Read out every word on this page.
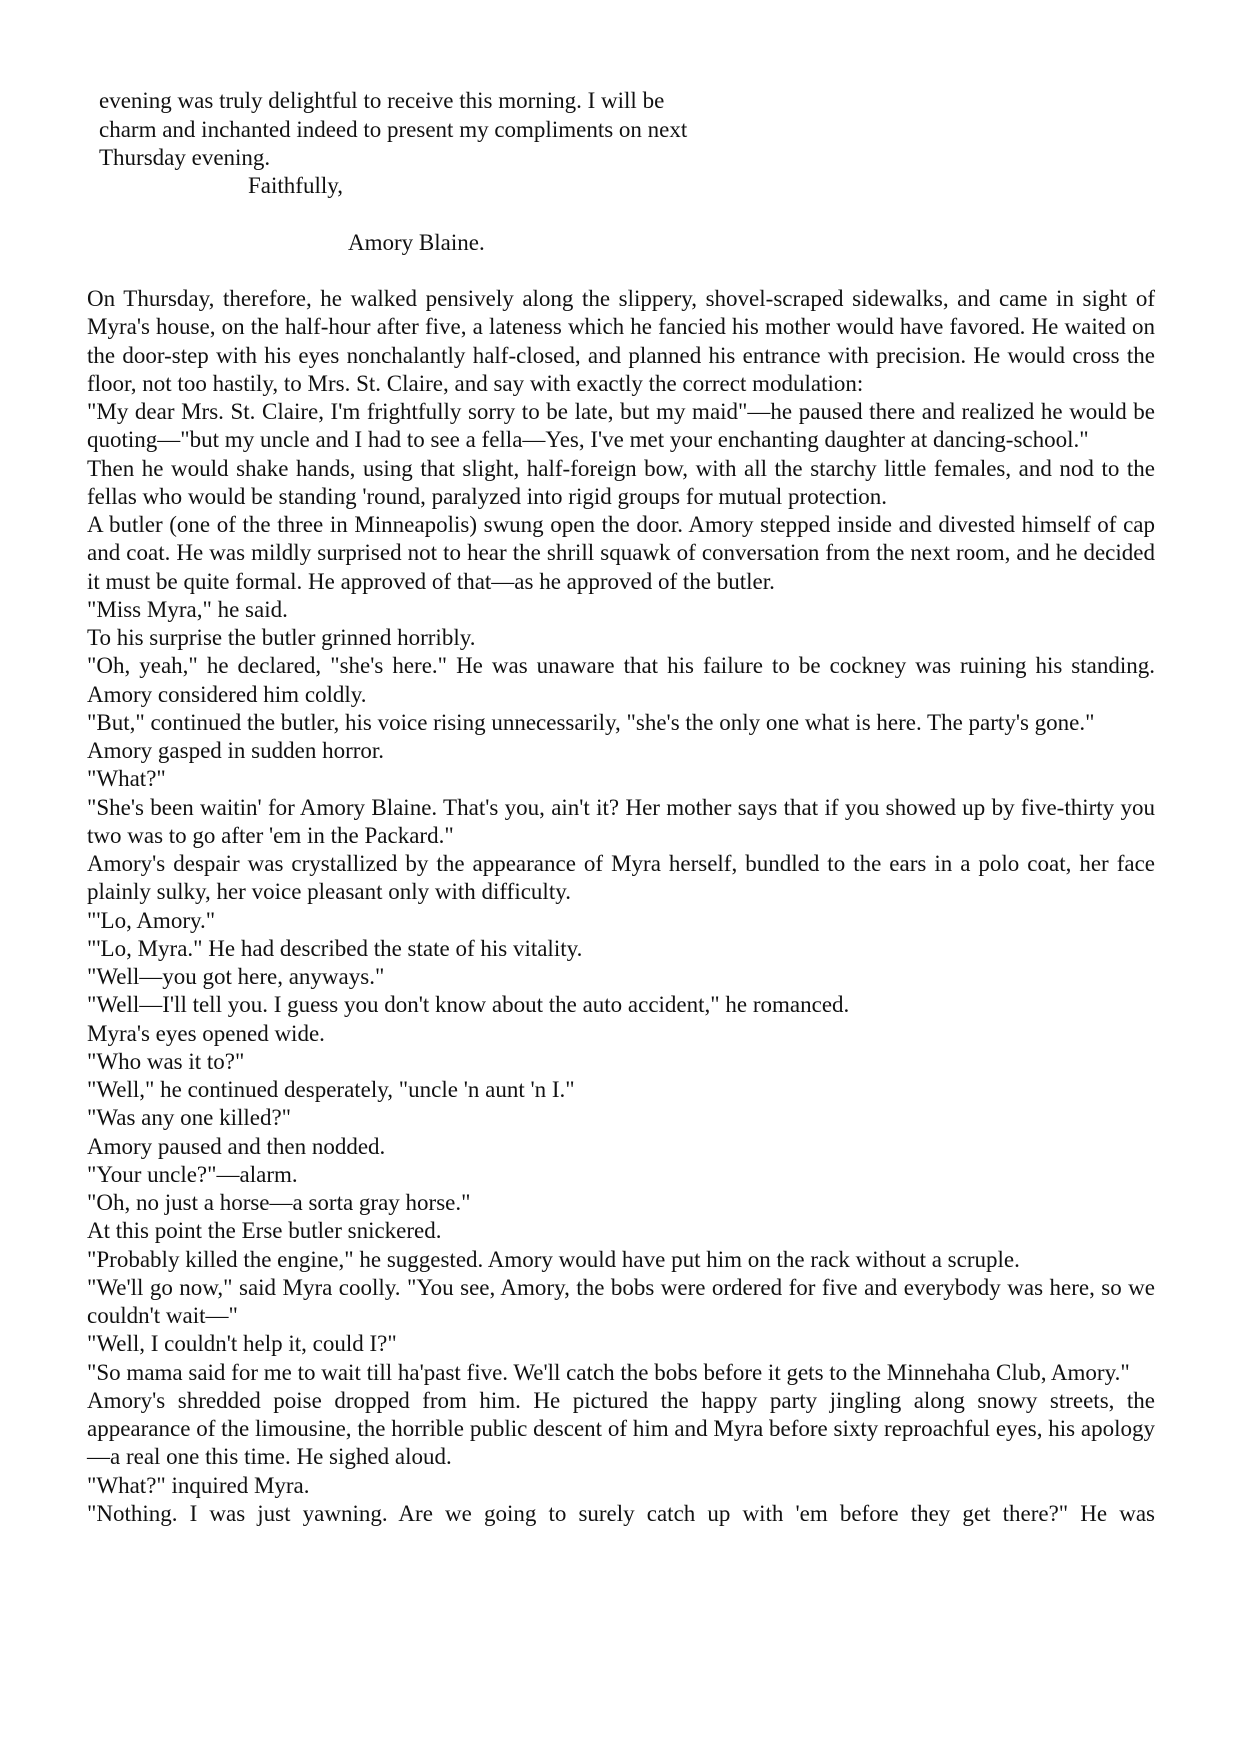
evening was truly delightful to receive this morning. I will be

charm and inchanted indeed to present my compliments on next

Thursday evening.

Faithfully,

Amory Blaine.

On Thursday, therefore, he walked pensively along the slippery, shovel-scraped sidewalks, and came in sight of Myra's house, on the half-hour after five, a lateness which he fancied his mother would have favored. He waited on the door-step with his eyes nonchalantly half-closed, and planned his entrance with precision. He would cross the floor, not too hastily, to Mrs. St. Claire, and say with exactly the correct modulation:

"My dear Mrs. St. Claire, I'm frightfully sorry to be late, but my maid"—he paused there and realized he would be quoting—"but my uncle and I had to see a fella—Yes, I've met your enchanting daughter at dancing-school."

Then he would shake hands, using that slight, half-foreign bow, with all the starchy little females, and nod to the fellas who would be standing 'round, paralyzed into rigid groups for mutual protection.

A butler (one of the three in Minneapolis) swung open the door. Amory stepped inside and divested himself of cap and coat. He was mildly surprised not to hear the shrill squawk of conversation from the next room, and he decided it must be quite formal. He approved of that—as he approved of the butler.

"Miss Myra," he said.

To his surprise the butler grinned horribly.

"Oh, yeah," he declared, "she's here." He was unaware that his failure to be cockney was ruining his standing. Amory considered him coldly.

"But," continued the butler, his voice rising unnecessarily, "she's the only one what is here. The party's gone."

Amory gasped in sudden horror.

"What?"

"She's been waitin' for Amory Blaine. That's you, ain't it? Her mother says that if you showed up by five-thirty you two was to go after 'em in the Packard."

Amory's despair was crystallized by the appearance of Myra herself, bundled to the ears in a polo coat, her face plainly sulky, her voice pleasant only with difficulty.

"'Lo, Amory."

"'Lo, Myra." He had described the state of his vitality.

"Well—you got here, anyways."

"Well—I'll tell you. I guess you don't know about the auto accident," he romanced.

Myra's eyes opened wide.

"Who was it to?"

"Well," he continued desperately, "uncle 'n aunt 'n I."

"Was any one killed?"

Amory paused and then nodded.

"Your uncle?"—alarm.

"Oh, no just a horse—a sorta gray horse."

At this point the Erse butler snickered.

"Probably killed the engine," he suggested. Amory would have put him on the rack without a scruple.

"We'll go now," said Myra coolly. "You see, Amory, the bobs were ordered for five and everybody was here, so we couldn't wait—"

"Well, I couldn't help it, could I?"

"So mama said for me to wait till ha'past five. We'll catch the bobs before it gets to the Minnehaha Club, Amory."

Amory's shredded poise dropped from him. He pictured the happy party jingling along snowy streets, the appearance of the limousine, the horrible public descent of him and Myra before sixty reproachful eyes, his apology—a real one this time. He sighed aloud.

"What?" inquired Myra.

"Nothing. I was just yawning. Are we going to surely catch up with 'em before they get there?" He was
